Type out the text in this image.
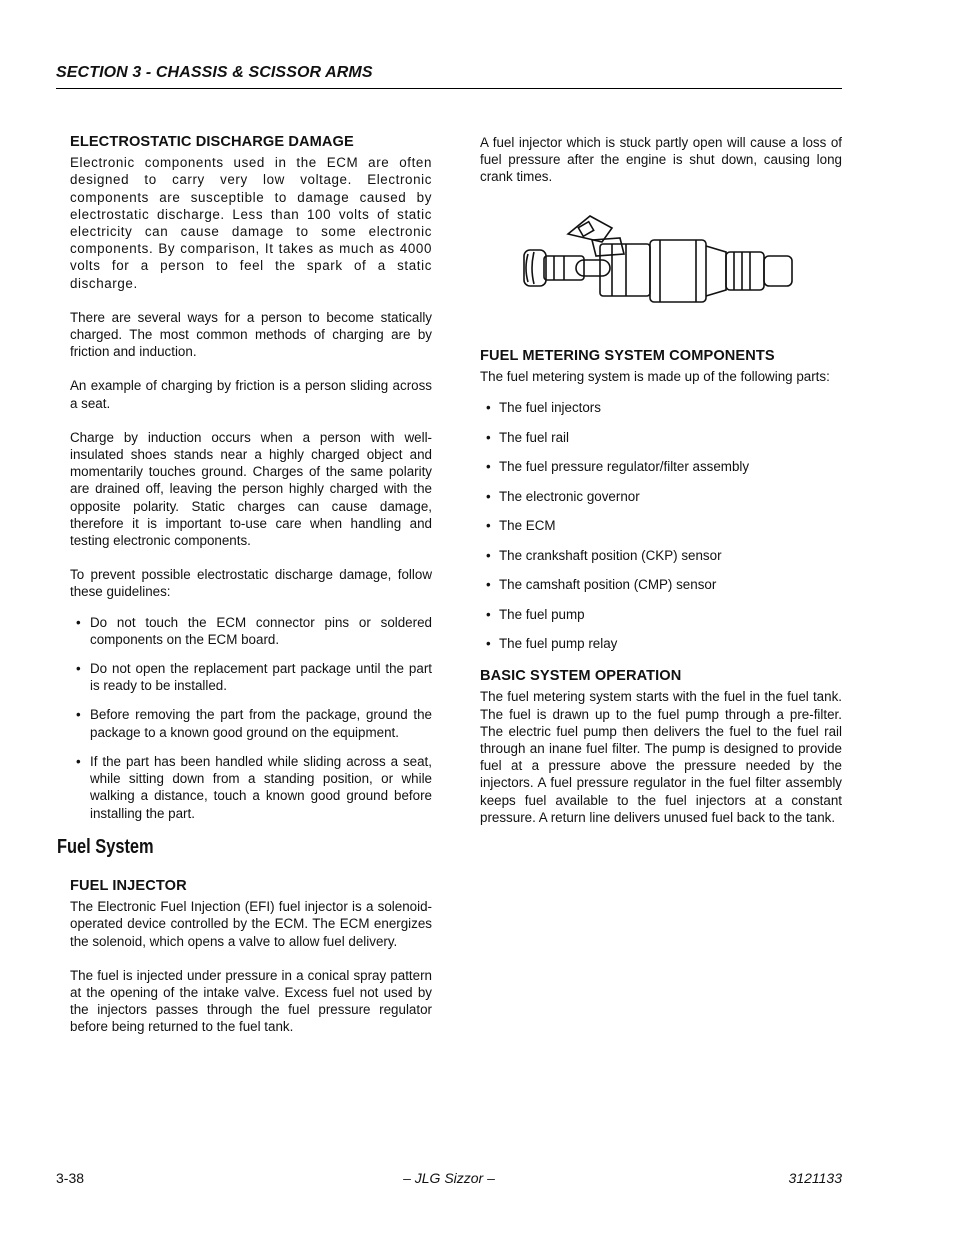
SECTION 3 - CHASSIS & SCISSOR ARMS
ELECTROSTATIC DISCHARGE DAMAGE

Electronic components used in the ECM are often designed to carry very low voltage. Electronic components are susceptible to damage caused by electrostatic discharge. Less than 100 volts of static electricity can cause damage to some electronic components. By comparison, It takes as much as 4000 volts for a person to feel the spark of a static discharge.

There are several ways for a person to become statically charged. The most common methods of charging are by friction and induction.

An example of charging by friction is a person sliding across a seat.

Charge by induction occurs when a person with well-insulated shoes stands near a highly charged object and momentarily touches ground. Charges of the same polarity are drained off, leaving the person highly charged with the opposite polarity. Static charges can cause damage, therefore it is important to-use care when handling and testing electronic components.

To prevent possible electrostatic discharge damage, follow these guidelines:

• Do not touch the ECM connector pins or soldered components on the ECM board.
• Do not open the replacement part package until the part is ready to be installed.
• Before removing the part from the package, ground the package to a known good ground on the equipment.
• If the part has been handled while sliding across a seat, while sitting down from a standing position, or while walking a distance, touch a known good ground before installing the part.
Fuel System
FUEL INJECTOR

The Electronic Fuel Injection (EFI) fuel injector is a solenoid-operated device controlled by the ECM. The ECM energizes the solenoid, which opens a valve to allow fuel delivery.

The fuel is injected under pressure in a conical spray pattern at the opening of the intake valve. Excess fuel not used by the injectors passes through the fuel pressure regulator before being returned to the fuel tank.

A fuel injector which is stuck partly open will cause a loss of fuel pressure after the engine is shut down, causing long crank times.

FUEL METERING SYSTEM COMPONENTS

The fuel metering system is made up of the following parts:

• The fuel injectors
• The fuel rail
• The fuel pressure regulator/filter assembly
• The electronic governor
• The ECM
• The crankshaft position (CKP) sensor
• The camshaft position (CMP) sensor
• The fuel pump
• The fuel pump relay
BASIC SYSTEM OPERATION

The fuel metering system starts with the fuel in the fuel tank. The fuel is drawn up to the fuel pump through a pre-filter. The electric fuel pump then delivers the fuel to the fuel rail through an inane fuel filter. The pump is designed to provide fuel at a pressure above the pressure needed by the injectors. A fuel pressure regulator in the fuel filter assembly keeps fuel available to the fuel injectors at a constant pressure. A return line delivers unused fuel back to the tank.

3-38	– JLG Sizzor –	3121133
